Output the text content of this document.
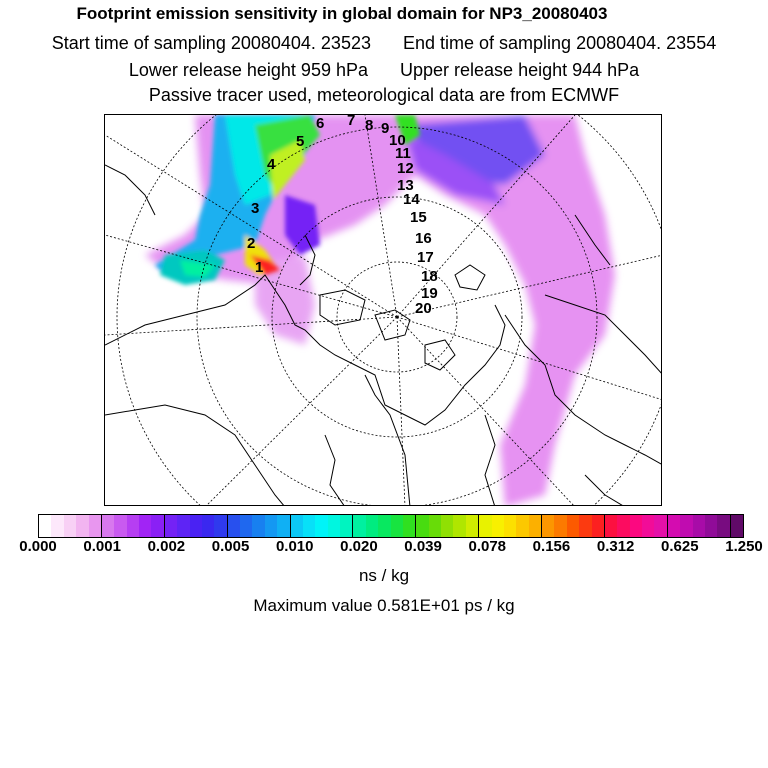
Footprint emission sensitivity in global domain for NP3_20080403
Start time of sampling 20080404. 23523 End time of sampling 20080404. 23554
Lower release height 959 hPa Upper release height 944 hPa
Passive tracer used, meteorological data are from ECMWF
1
2
3
4
5
6 7 8 9
10
11
12
13
14
15
16
17
18
19
20
0.000 0.001 0.002 0.005 0.010 0.020 0.039 0.078 0.156 0.312 0.625 1.250
ns / kg
Maximum value 0.581E+01 ps / kg
